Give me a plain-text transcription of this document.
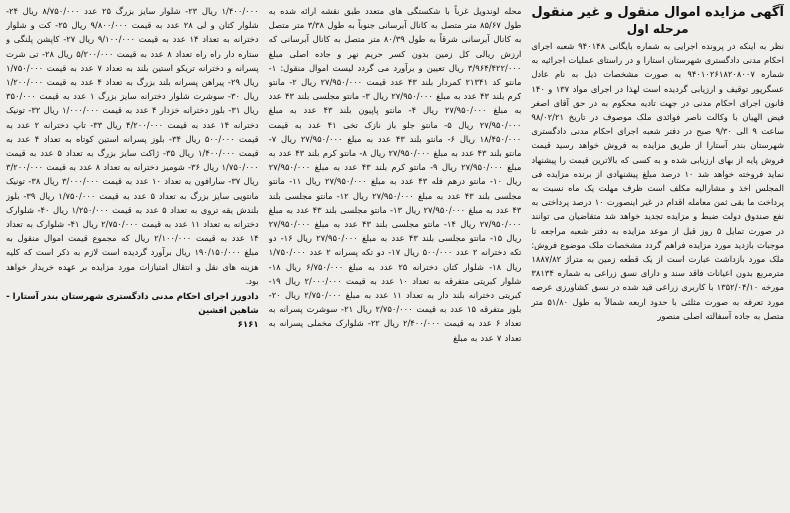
آگهی مزایده اموال منقول و غیر منقول

مرحله اول

نظر به اینکه در پرونده اجرایی به شماره بایگانی ۹۴۰۱۴۸ شعبه اجرای احکام مدنی دادگستری شهرستان استارا و در راستای عملیات اجرائیه به شماره ۹۴۰۱۰۲۶۱۸۲۰۸۰۰۷ به صورت مشخصات ذیل به نام عادل عسگرپور توقیف و ارزیابی گردیده است لهذا در اجرای مواد ۱۳۷ و ۱۴۰ قانون اجرای احکام مدنی در جهت تادیه محکوم به در حق آقای اصغر فیض الهیان با وکالت ناصر فوائدی ملک موصوف در تاریخ ۹۸/۰۲/۲۱ ساعت ۹ الی ۹/۳۰ صبح در دفتر شعبه اجرای احکام مدنی دادگستری شهرستان بندر آستارا از طریق مزایده به فروش خواهد رسید قیمت فروش پایه از بهای ارزیابی شده و به کسی که بالاترین قیمت را پیشنهاد نماید فروخته خواهد شد ۱۰ درصد مبلغ پیشنهادی از برنده مزایده فی المجلس اخذ و مشارالیه مکلف است ظرف مهلت یک ماه نسبت به پرداخت ما بقی ثمن معامله اقدام در غیر اینصورت ۱۰ درصد پرداختی به نفع صندوق دولت ضبط و مزایده تجدید خواهد شد متقاضیان می توانند در صورت تمایل ۵ روز قبل از موعد مزایده به دفتر شعبه مراجعه تا موجبات بازدید مورد مزایده فراهم گردد مشخصات ملک موضوع فروش: ملک مورد بازداشت عبارت است از یک قطعه زمین به متراژ ۱۸۸۷/۸۲ مترمربع بدون اعیانات فاقد سند و دارای نسق زراعی به شماره ۳۸۱۳۴ مورخه ۱۳۵۲/۰۴/۱۰ با کاربری زراعی قید شده در نسق کشاورزی عرصه مورد تعرفه به صورت مثلثی با حدود اربعه شمالاً به طول ۵۱/۸۰ متر متصل به جاده آسفالته اصلی منصور

محله لوندویل غرباً با شکستگی های متعدد طبق نقشه ارائه شده به طول ۸۵/۶۷ متر متصل به کانال آبرسانی جنوباً به طول ۳/۳۸ متر متصل به کانال آبرسانی شرقاً به طول ۸۰/۳۹ متر متصل به کانال آبرسانی که ارزش ریالی کل زمین بدون کسر حریم نهر و جاده اصلی مبلغ ۳/۹۶۴/۴۲۲/۰۰۰ ریال تعیین و برآورد می گردد لیست اموال منقول: ۱- مانتو کد ۲۱۳۴۱ کمردار بلند ۴۳ عدد قیمت ۲۷/۹۵۰/۰۰۰ ریال ۲- مانتو کرم بلند ۴۳ عدد به مبلغ ۲۷/۹۵۰/۰۰۰ ریال ۳- مانتو مجلسی بلند ۴۳ عدد به مبلغ ۲۷/۹۵۰/۰۰۰ ریال ۴- مانتو پاپیون بلند ۴۳ عدد به مبلغ ۲۷/۹۵۰/۰۰۰ ریال ۵- مانتو جلو باز نازک تخی ۴۱ عدد به قیمت ۱۸/۴۵۰/۰۰۰ ریال ۶- مانتو بلند ۴۳ عدد به مبلغ ۲۷/۹۵۰/۰۰۰ ریال ۷- مانتو بلند ۴۳ عدد به مبلغ ۲۷/۹۵۰/۰۰۰ ریال ۸- مانتو کرم بلند ۴۳ عدد به مبلغ ۲۷/۹۵۰/۰۰۰ ریال ۹- مانتو کرم بلند ۴۳ عدد به مبلغ ۲۷/۹۵۰/۰۰۰ ریال ۱۰- مانتو درهم فله ۴۳ عدد به مبلغ ۲۷/۹۵۰/۰۰۰ ریال ۱۱- مانتو مجلسی بلند ۴۳ عدد به مبلغ ۲۷/۹۵۰/۰۰۰ ریال ۱۲- مانتو مجلسی بلند ۴۳ عدد به مبلغ ۲۷/۹۵۰/۰۰۰ ریال ۱۳- مانتو مجلسی بلند ۴۳ عدد به مبلغ ۲۷/۹۵۰/۰۰۰ ریال ۱۴- مانتو مجلسی بلند ۴۳ عدد به مبلغ ۲۷/۹۵۰/۰۰۰ ریال ۱۵- مانتو مجلسی بلند ۴۳ عدد به مبلغ ۲۷/۹۵۰/۰۰۰ ریال ۱۶- دو تکه دخترانه ۲ عدد ۵۰۰/۰۰۰ ریال ۱۷- دو تکه پسرانه ۲ عدد ۱/۷۵۰/۰۰۰ ریال ۱۸- شلوار کتان دخترانه ۲۵ عدد به مبلغ ۶/۷۵۰/۰۰۰ ریال ۱۸- شلوار کبریتی متفرقه به تعداد ۱۰ عدد به قیمت ۲/۰۰۰/۰۰۰ ریال ۱۹- کبریتی دخترانه بلند دار به تعداد ۱۱ عدد به مبلغ ۲/۷۵۰/۰۰۰ ریال ۲۰- بلوز متفرقه ۱۵ عدد به قیمت ۲/۷۵۰/۰۰۰ ریال ۲۱- سوشرت پسرانه به تعداد ۶ عدد به قیمت ۲/۴۰۰/۰۰۰ ریال ۲۲- شلوارک مخملی پسرانه به تعداد ۷ عدد به مبلغ

۱/۴۰۰/۰۰۰ ریال ۲۳- شلوار سایز بزرگ ۲۵ عدد ۸/۷۵۰/۰۰۰ ریال ۲۴- شلوار کتان و لی ۲۸ عدد به قیمت ۹/۸۰۰/۰۰۰ ریال ۲۵- کت و شلوار دخترانه به تعداد ۱۴ عدد به قیمت ۹/۱۰۰/۰۰۰ ریال ۲۷- کاپشن پلنگی و ستاره دار راه راه تعداد ۸ عدد به قیمت ۵/۲۰۰/۰۰۰ ریال ۲۸- تی شرت پسرانه و دخترانه تریکو استین بلند به تعداد ۷ عدد به قیمت ۱/۷۵۰/۰۰۰ ریال ۲۹- پیراهن پسرانه بلند بزرگ به تعداد ۴ عدد به قیمت ۱/۲۰۰/۰۰۰ ریال ۳۰- سوشرت شلوار دخترانه سایز بزرگ ۱ عدد به قیمت ۳۵۰/۰۰۰ ریال ۳۱- بلوز دخترانه خزدار ۴ عدد به قیمت ۱/۰۰۰/۰۰۰ ریال ۳۲- تونیک دخترانه ۱۴ عدد به قیمت ۴/۲۰۰/۰۰۰ ریال ۳۳- تاپ دخترانه ۲ عدد به قیمت ۵۰۰/۰۰۰ ریال ۳۴- بلوز پسرانه استین کوتاه به تعداد ۴ عدد به قیمت ۱/۴۰۰/۰۰۰ ریال ۳۵- ژاکت سایز بزرگ به تعداد ۵ عدد به قیمت ۱/۷۵۰/۰۰۰ ریال ۳۶- شومیز دخترانه به تعداد ۸ عدد به قیمت ۳/۲۰۰/۰۰۰ ریال ۳۷- سارافون به تعداد ۱۰ عدد به قیمت ۳/۰۰۰/۰۰۰ ریال ۳۸- تونیک مانتویی سایز بزرگ به تعداد ۵ عدد به قیمت ۱/۷۵۰/۰۰۰ ریال ۳۹- بلوز بلندش یقه تروی به تعداد ۵ عدد به قیمت ۱/۲۵۰/۰۰۰ ریال ۴۰- شلوارک دخترانه به تعداد ۱۱ عدد به قیمت ۲/۷۵۰/۰۰۰ ریال ۴۱- شلوارک به تعداد ۱۴ عدد به قیمت ۲/۱۰۰/۰۰۰ ریال که مجموع قیمت اموال منقول به مبلغ ۱۹۰/۱۵۰/۰۰۰ ریال برآورد گردیده است لازم به ذکر است که کلیه هزینه های نقل و انتقال امتیازات مورد مزایده بر عهده خریدار خواهد بود.

دادورز اجرای احکام مدنی دادگستری شهرستان بندر آستارا -
شاهین افشین
۶۱۶۱
